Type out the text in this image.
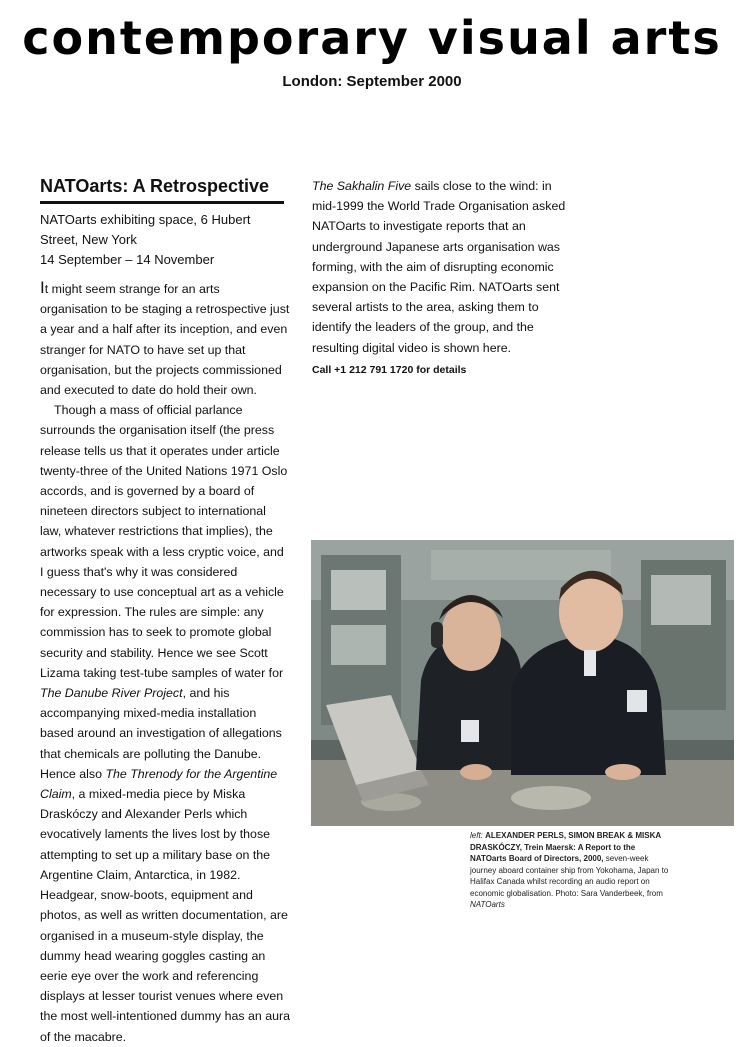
contemporary visual arts
London: September 2000
NATOarts: A Retrospective
NATOarts exhibiting space, 6 Hubert
Street, New York
14 September – 14 November

It might seem strange for an arts organisation to be staging a retrospective just a year and a half after its inception, and even stranger for NATO to have set up that organisation, but the projects commissioned and executed to date do hold their own.

Though a mass of official parlance surrounds the organisation itself (the press release tells us that it operates under article twenty-three of the United Nations 1971 Oslo accords, and is governed by a board of nineteen directors subject to international law, whatever restrictions that implies), the artworks speak with a less cryptic voice, and I guess that's why it was considered necessary to use conceptual art as a vehicle for expression. The rules are simple: any commission has to seek to promote global security and stability. Hence we see Scott Lizama taking test-tube samples of water for The Danube River Project, and his accompanying mixed-media installation based around an investigation of allegations that chemicals are polluting the Danube. Hence also The Threnody for the Argentine Claim, a mixed-media piece by Miska Draskóczy and Alexander Perls which evocatively laments the lives lost by those attempting to set up a military base on the Argentine Claim, Antarctica, in 1982. Headgear, snow-boots, equipment and photos, as well as written documentation, are organised in a museum-style display, the dummy head wearing goggles casting an eerie eye over the work and referencing displays at lesser tourist venues where even the most well-intentioned dummy has an aura of the macabre.

The Sakhalin Five sails close to the wind: in mid-1999 the World Trade Organisation asked NATOarts to investigate reports that an underground Japanese arts organisation was forming, with the aim of disrupting economic expansion on the Pacific Rim. NATOarts sent several artists to the area, asking them to identify the leaders of the group, and the resulting digital video is shown here.

Call +1 212 791 1720 for details
left: ALEXANDER PERLS, SIMON BREAK & MISKA DRASKÓCZY, Trein Maersk: A Report to the NATOarts Board of Directors, 2000, seven-week journey aboard container ship from Yokohama, Japan to Halifax Canada whilst recording an audio report on economic globalisation. Photo: Sara Vanderbeek, from NATOarts
